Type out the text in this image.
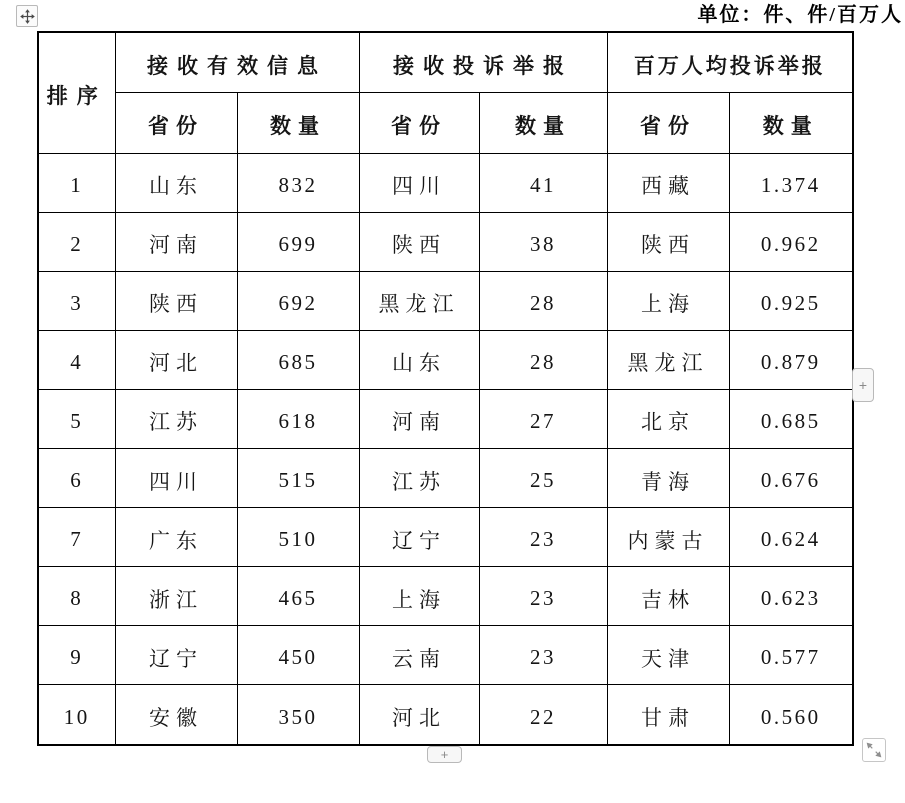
单位：件、件/百万人
排序	接收有效信息		接收投诉举报		百万人均投诉举报	
	省份	数量	省份	数量	省份	数量
1	山东	832	四川	41	西藏	1.374
2	河南	699	陕西	38	陕西	0.962
3	陕西	692	黑龙江	28	上海	0.925
4	河北	685	山东	28	黑龙江	0.879
5	江苏	618	河南	27	北京	0.685
6	四川	515	江苏	25	青海	0.676
7	广东	510	辽宁	23	内蒙古	0.624
8	浙江	465	上海	23	吉林	0.623
9	辽宁	450	云南	23	天津	0.577
10	安徽	350	河北	22	甘肃	0.560
+
+
